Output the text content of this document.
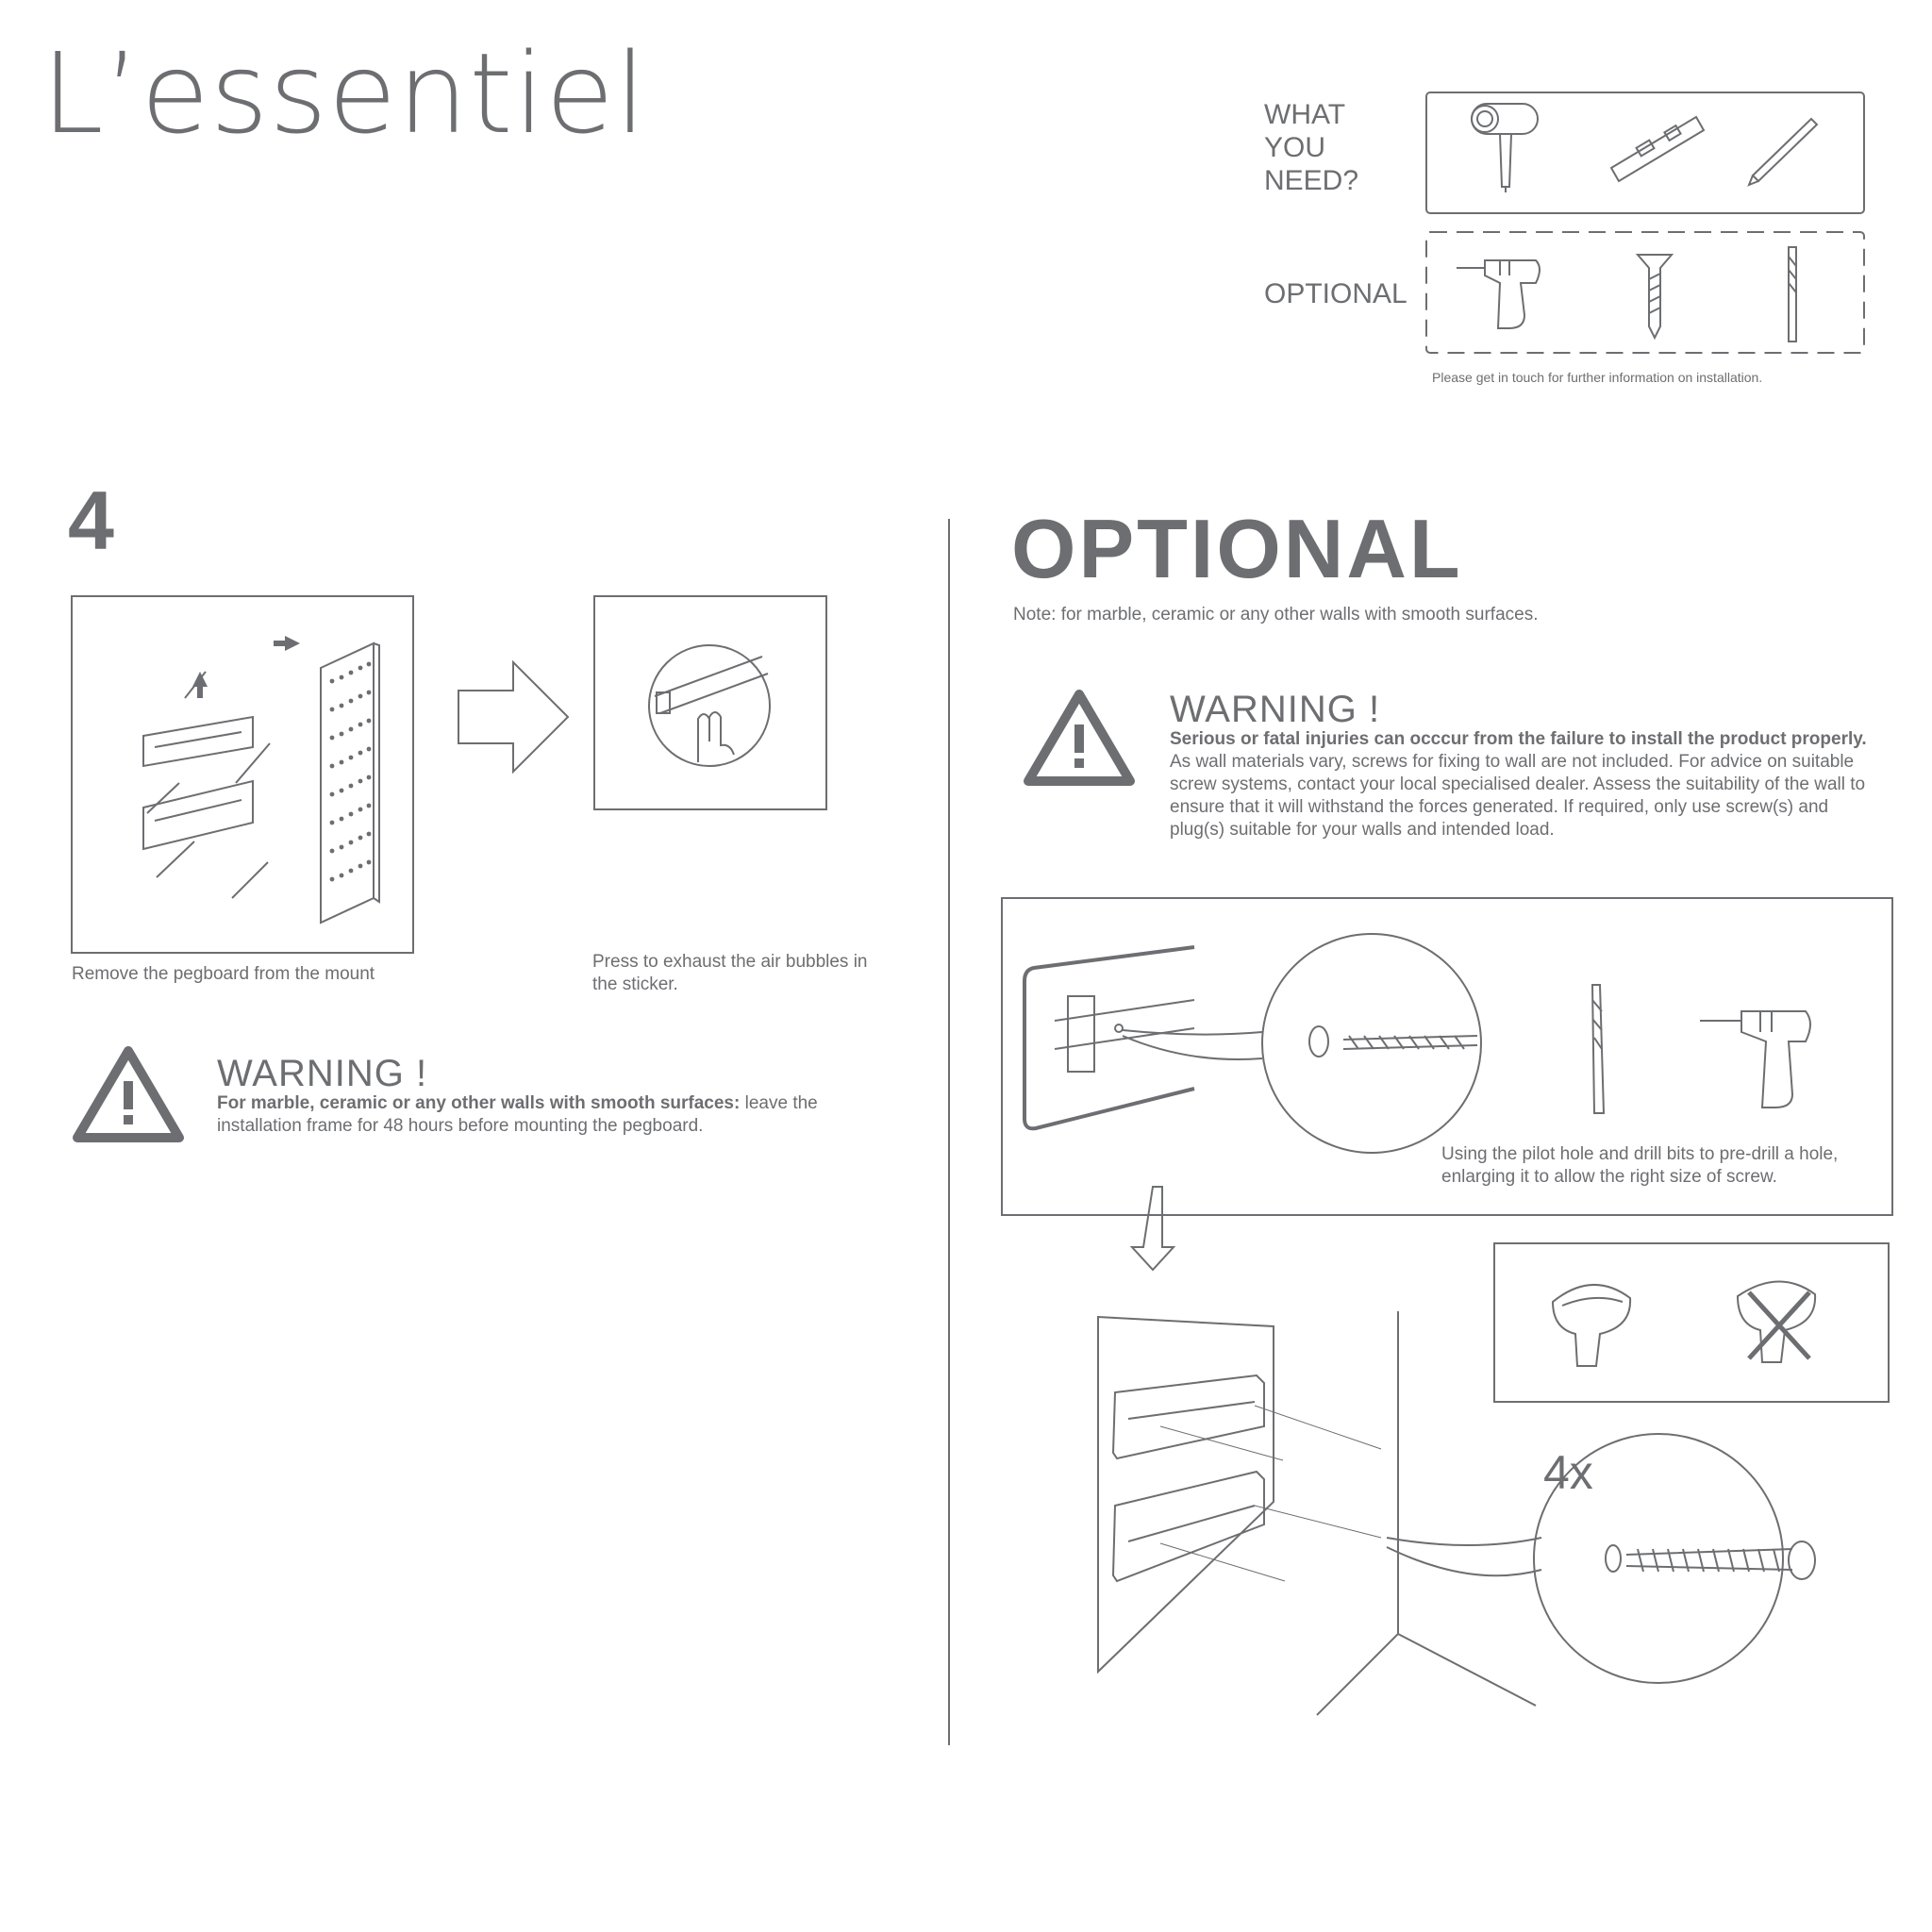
L’essentiel	WHAT
YOU
NEED?
OPTIONAL
Please get in touch for further information on installation.
4
Remove the pegboard from the mount
Press to exhaust the air bubbles in the sticker.
WARNING !
For marble, ceramic or any other walls with smooth surfaces: leave the installation frame for 48 hours before mounting the pegboard.
OPTIONAL
Note: for marble, ceramic or any other walls with smooth surfaces.
WARNING !
Serious or fatal injuries can occcur from the failure to install the product properly. As wall materials vary, screws for fixing to wall are not included. For advice on suitable screw systems, contact your local specialised dealer. Assess the suitability of the wall to ensure that it will withstand the forces generated. If required, only use screw(s) and plug(s) suitable for your walls and intended load.
Using the pilot hole and drill bits to pre-drill a hole, enlarging it to allow the right size of screw.
4x
